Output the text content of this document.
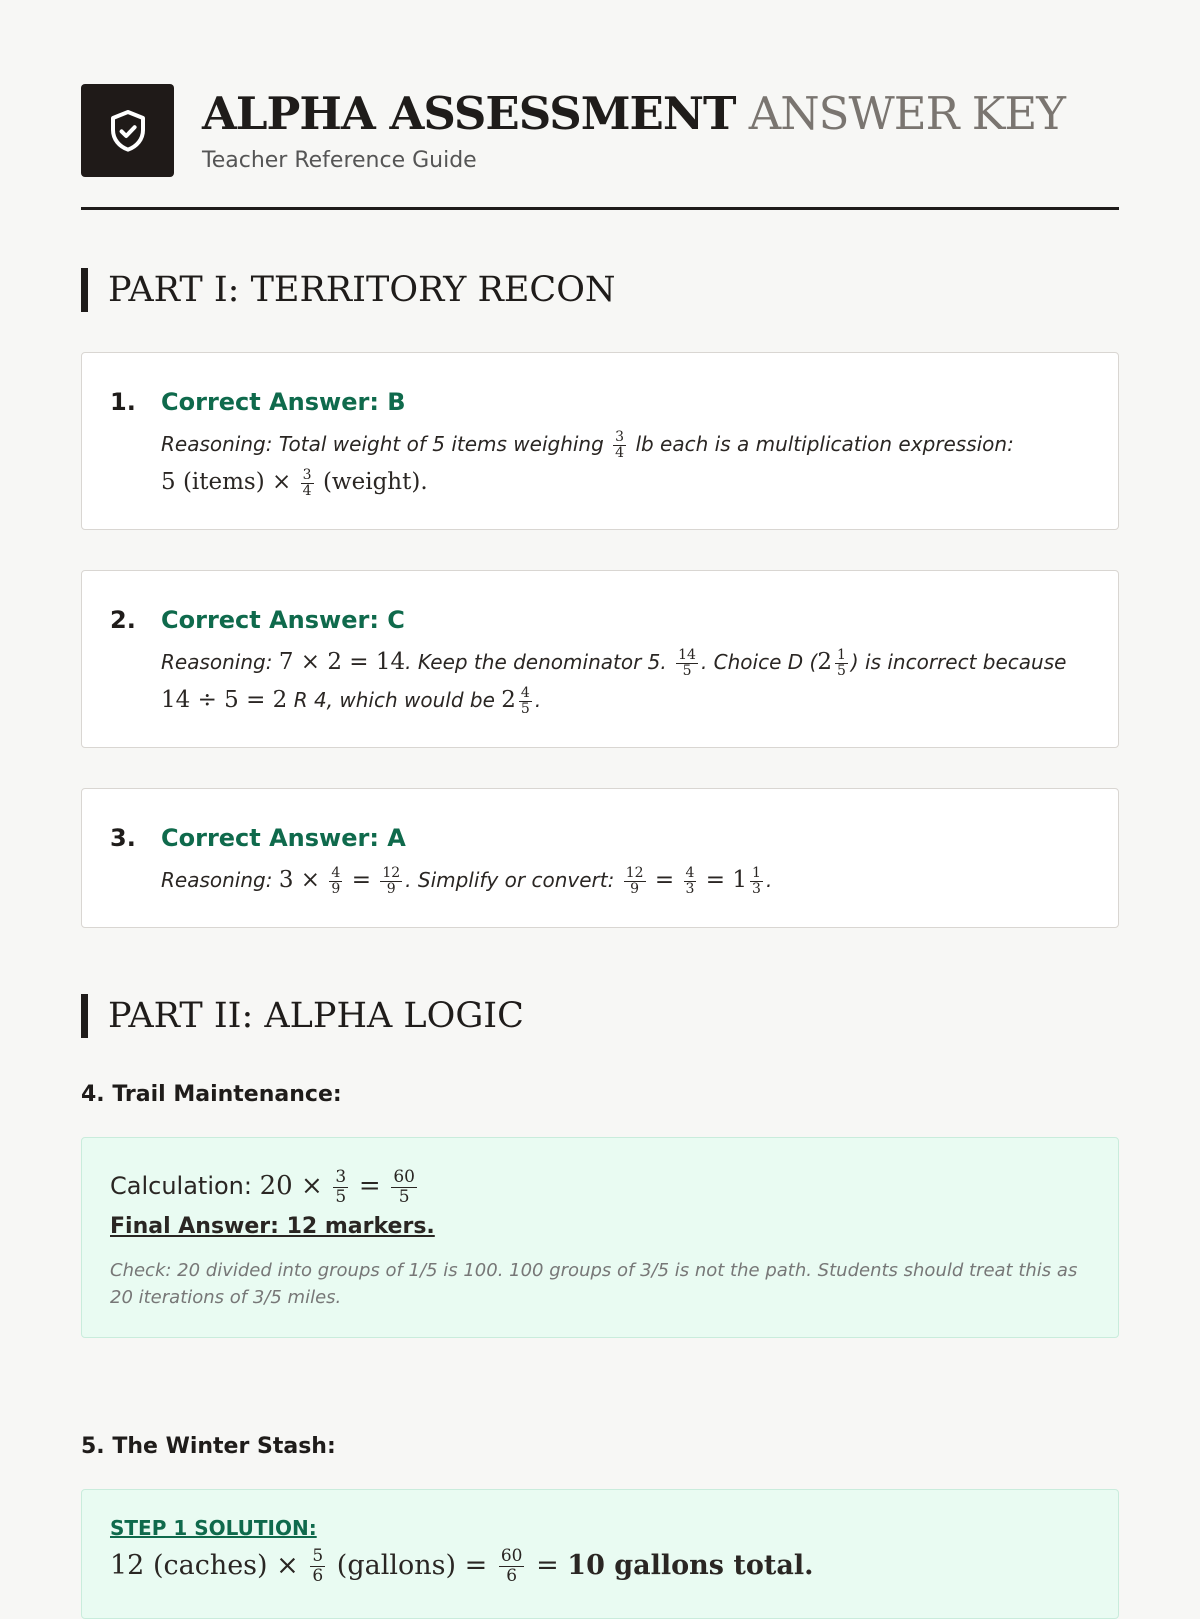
ALPHA ASSESSMENT ANSWER KEY
Teacher Reference Guide
PART I: TERRITORY RECON
1.	Correct Answer: B
Reasoning: Total weight of 5 items weighing $\frac{3}{4}$ lb each is a multiplication expression:
5 (items) × $\frac{3}{4}$ (weight).
2.	Correct Answer: C
Reasoning: 7 × 2 = 14. Keep the denominator 5. $\frac{14}{5}$ . Choice D ($2 \frac{1}{5}$ ) is incorrect because
14 ÷ 5 = 2 R 4, which would be $2 \frac{4}{5}$ .
3.	Correct Answer: A
Reasoning: $3 \times \frac{4}{9} = \frac{12}{9}$ . Simplify or convert: $\frac{12}{9} = \frac{4}{3} = 1 \frac{1}{3}$ .
PART II: ALPHA LOGIC
4. Trail Maintenance:
Calculation: $20 \times \frac{3}{5} = \frac{60}{5}$
Final Answer: 12 markers.
Check: 20 divided into groups of 1/5 is 100. 100 groups of 3/5 is not the path. Students should treat this as 20 iterations of 3/5 miles.
5. The Winter Stash:
STEP 1 SOLUTION:
12 (caches) × $\frac{5}{6}$ (gallons) = $\frac{60}{6} = 10$ gallons total.
